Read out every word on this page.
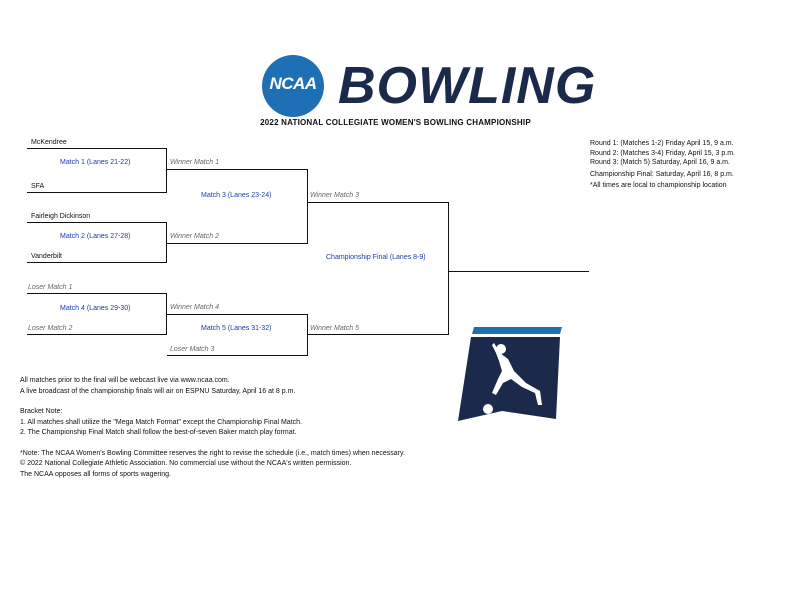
NCAA BOWLING
2022 NATIONAL COLLEGIATE WOMEN'S BOWLING CHAMPIONSHIP
McKendree
SFA
Fairleigh Dickinson
Vanderbilt
Match 1 (Lanes 21-22)
Match 2 (Lanes 27-28)
Match 3 (Lanes 23-24)
Match 4 (Lanes 29-30)
Match 5 (Lanes 31-32)
Championship Final (Lanes 8-9)
Winner Match 1
Winner Match 2
Winner Match 3
Winner Match 4
Winner Match 5
Loser Match 1
Loser Match 2
Loser Match 3
Round 1: (Matches 1-2) Friday April 15, 9 a.m.
Round 2: (Matches 3-4) Friday, April 15, 3 p.m.
Round 3: (Match 5) Saturday, April 16, 9 a.m.
Championship Final: Saturday, April 16, 8 p.m.
*All times are local to championship location
All matches prior to the final will be webcast live via www.ncaa.com.
A live broadcast of the championship finals will air on ESPNU Saturday, April 16 at 8 p.m.
Bracket Note:
1. All matches shall utilize the "Mega Match Format" except the Championship Final Match.
2. The Championship Final Match shall follow the best-of-seven Baker match play format.
*Note: The NCAA Women's Bowling Committee reserves the right to revise the schedule (i.e., match times) when necessary.
© 2022 National Collegiate Athletic Association. No commercial use without the NCAA's written permission.
The NCAA opposes all forms of sports wagering.
